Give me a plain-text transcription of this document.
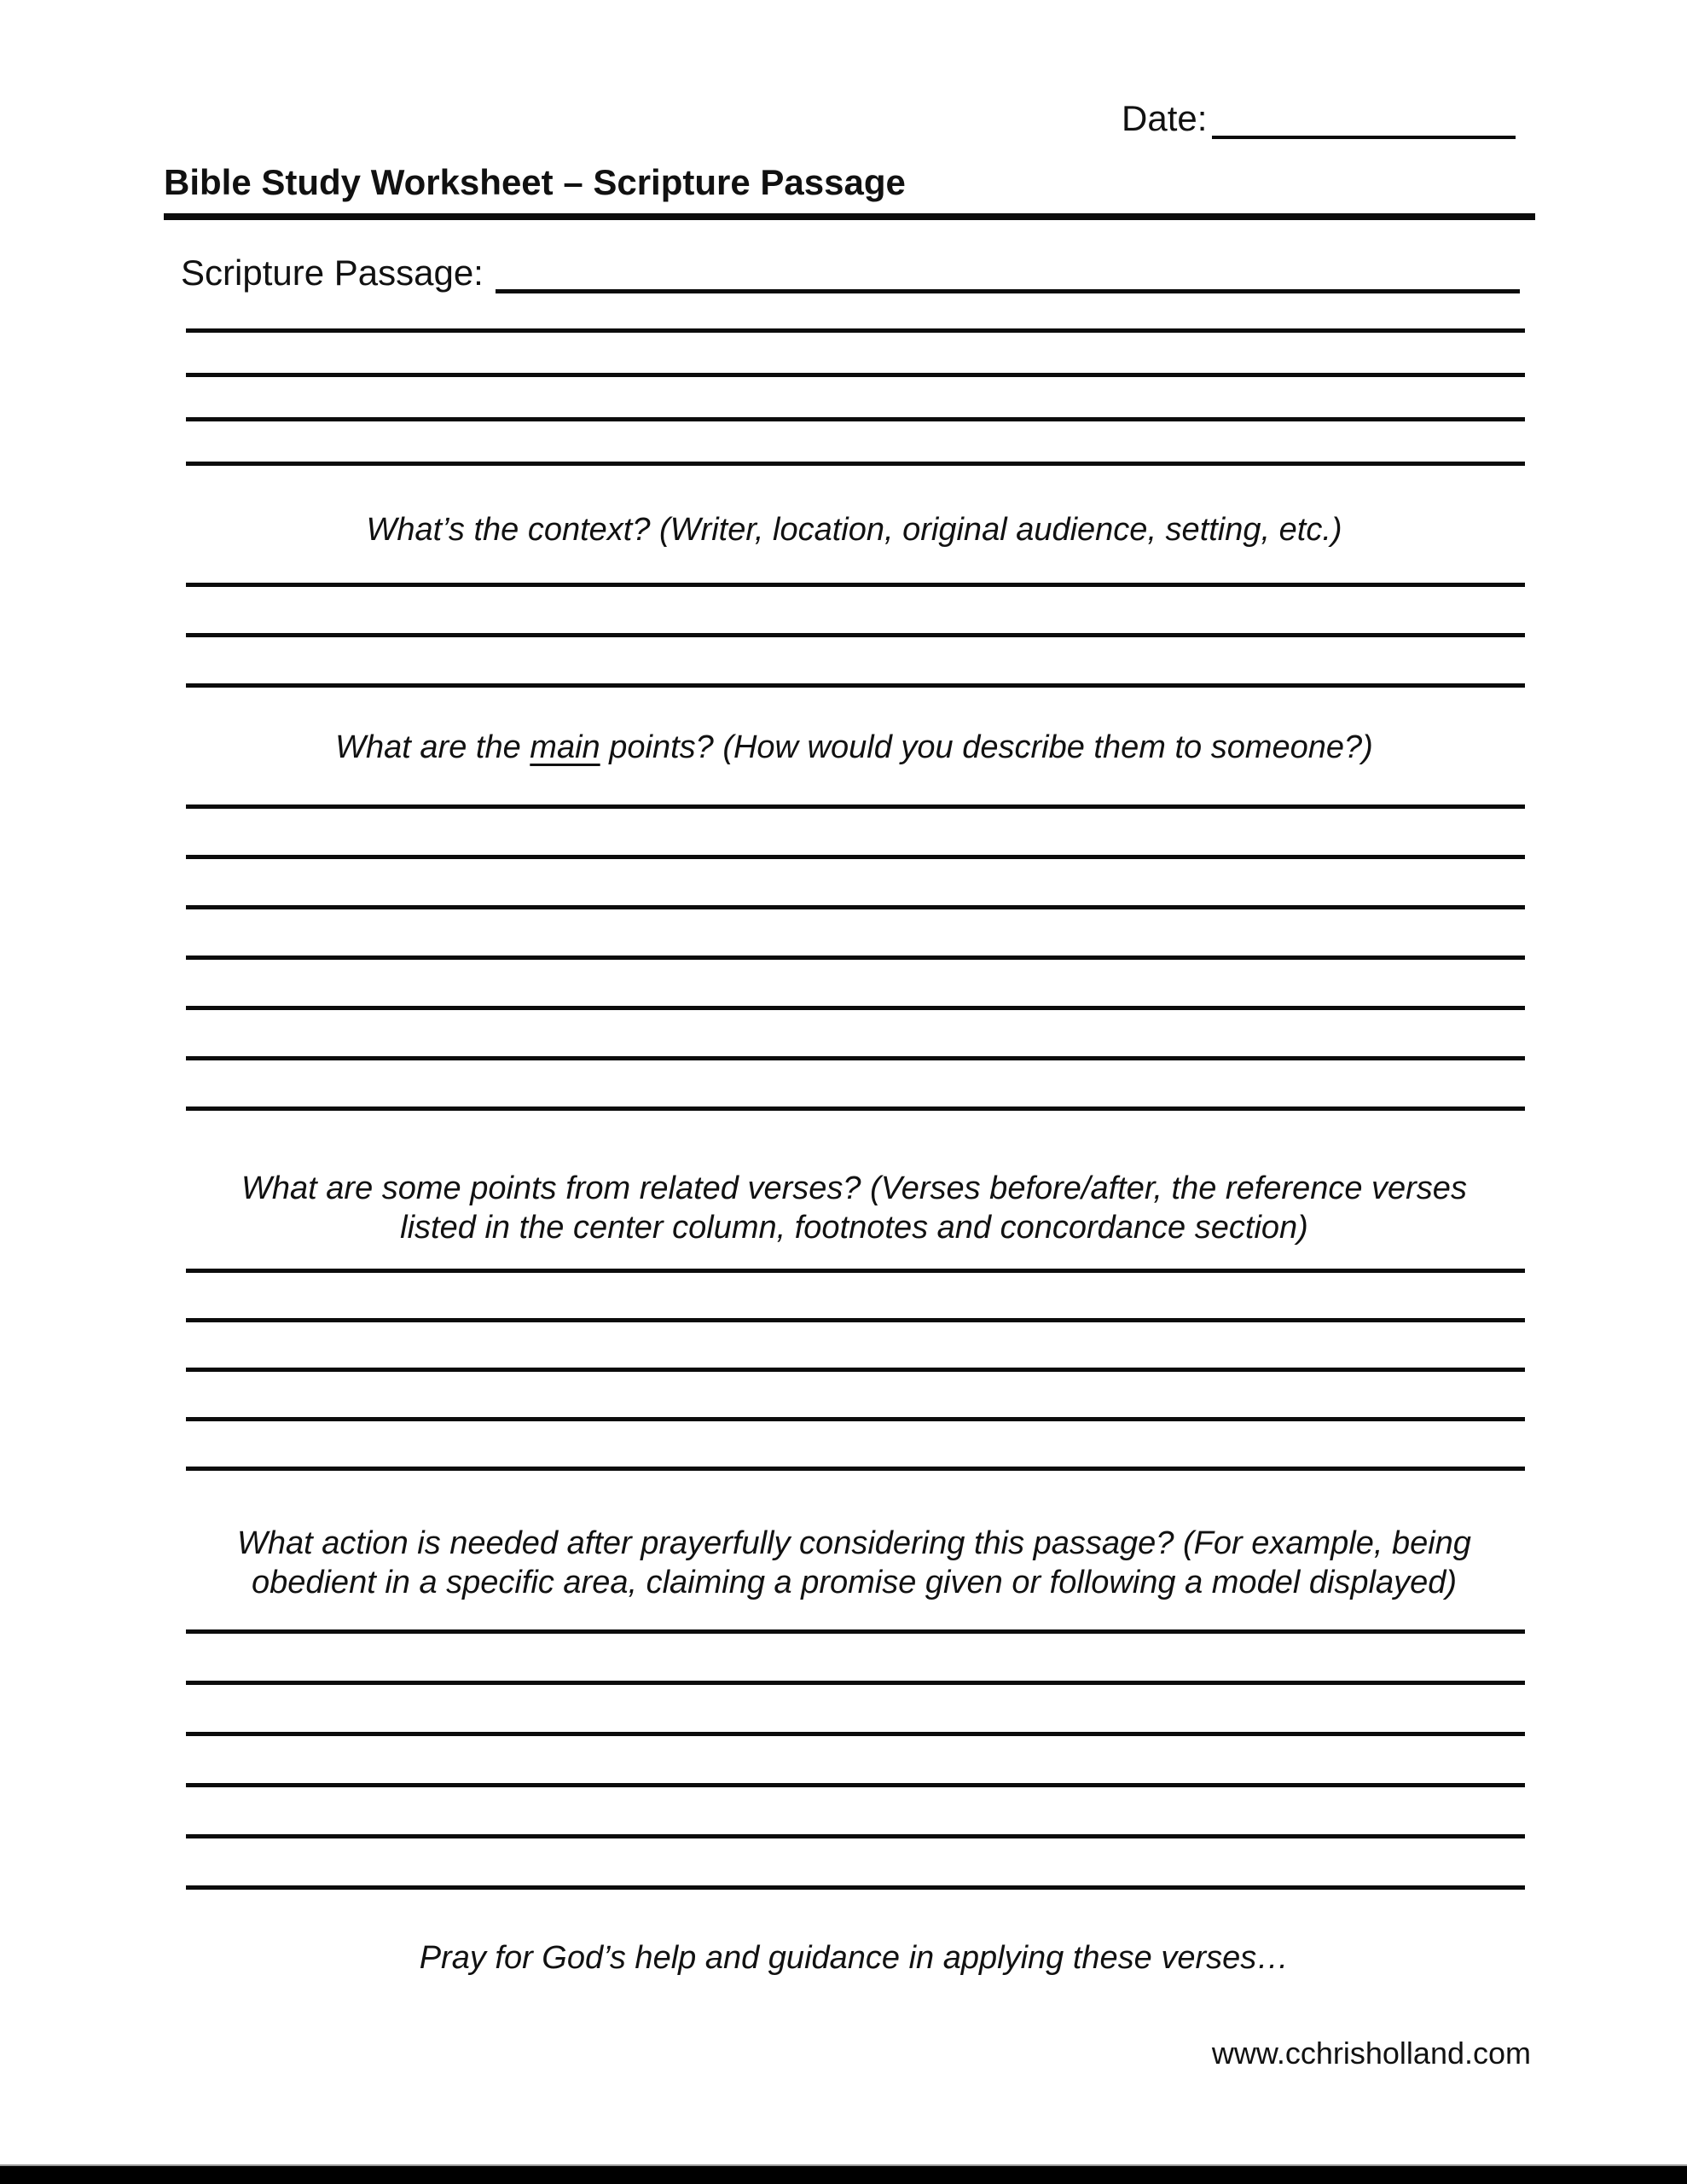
Date:
Bible Study Worksheet – Scripture Passage
Scripture Passage:
What’s the context? (Writer, location, original audience, setting, etc.)
What are the main points? (How would you describe them to someone?)
What are some points from related verses? (Verses before/after, the reference verses
listed in the center column, footnotes and concordance section)
What action is needed after prayerfully considering this passage? (For example, being
obedient in a specific area, claiming a promise given or following a model displayed)
Pray for God’s help and guidance in applying these verses…
www.cchrisholland.com
